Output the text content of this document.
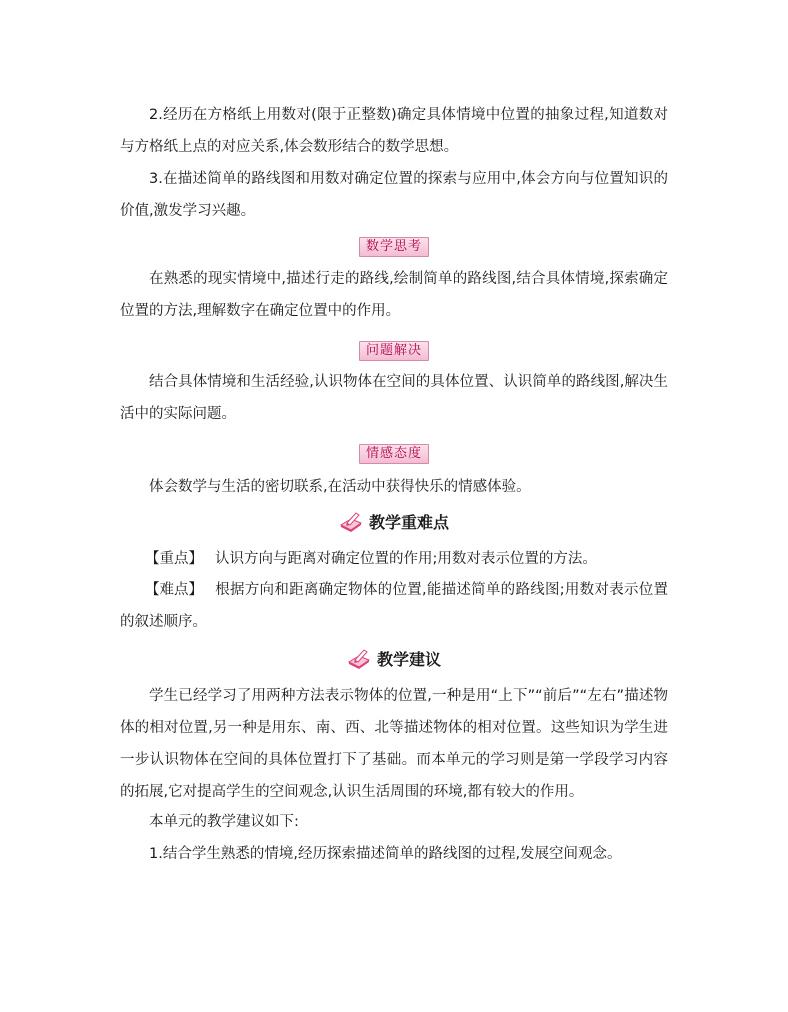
2.经历在方格纸上用数对(限于正整数)确定具体情境中位置的抽象过程,知道数对与方格纸上点的对应关系,体会数形结合的数学思想。
3.在描述简单的路线图和用数对确定位置的探索与应用中,体会方向与位置知识的价值,激发学习兴趣。
数学思考
在熟悉的现实情境中,描述行走的路线,绘制简单的路线图,结合具体情境,探索确定位置的方法,理解数字在确定位置中的作用。
问题解决
结合具体情境和生活经验,认识物体在空间的具体位置、认识简单的路线图,解决生活中的实际问题。
情感态度
体会数学与生活的密切联系,在活动中获得快乐的情感体验。
教学重难点
【重点】 认识方向与距离对确定位置的作用;用数对表示位置的方法。
【难点】 根据方向和距离确定物体的位置,能描述简单的路线图;用数对表示位置的叙述顺序。
教学建议
学生已经学习了用两种方法表示物体的位置,一种是用“上下”“前后”“左右”描述物体的相对位置,另一种是用东、南、西、北等描述物体的相对位置。这些知识为学生进一步认识物体在空间的具体位置打下了基础。而本单元的学习则是第一学段学习内容的拓展,它对提高学生的空间观念,认识生活周围的环境,都有较大的作用。
本单元的教学建议如下:
1.结合学生熟悉的情境,经历探索描述简单的路线图的过程,发展空间观念。
